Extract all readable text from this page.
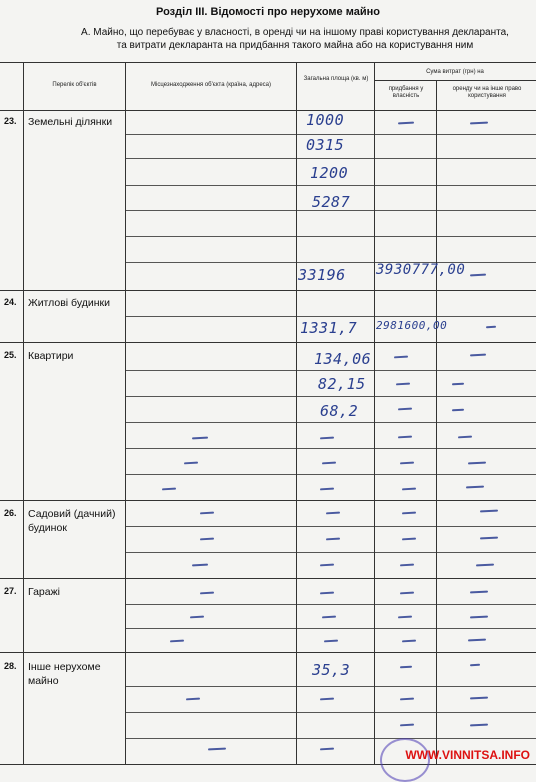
Розділ III. Відомості про нерухоме майно
А. Майно, що перебуває у власності, в оренді чи на іншому праві користування декларанта,
та витрати декларанта на придбання такого майна або на користування ним
Перелік об'єктів	Місцезнаходження об'єкта (країна, адреса)
Загальна площа (кв. м)
Сума витрат (грн) на
придбання у власність
оренду чи на інше право користування
23. Земельні ділянки
24. Житлові будинки
25. Квартири
26. Садовий (дачний) будинок
27. Гаражі
28. Інше нерухоме майно
1000
0315
1200
5287
33196 3930777,00
1331,7 2981600,00
134,06
82,15
68,2
35,3
WWW.VINNITSA.INFO
